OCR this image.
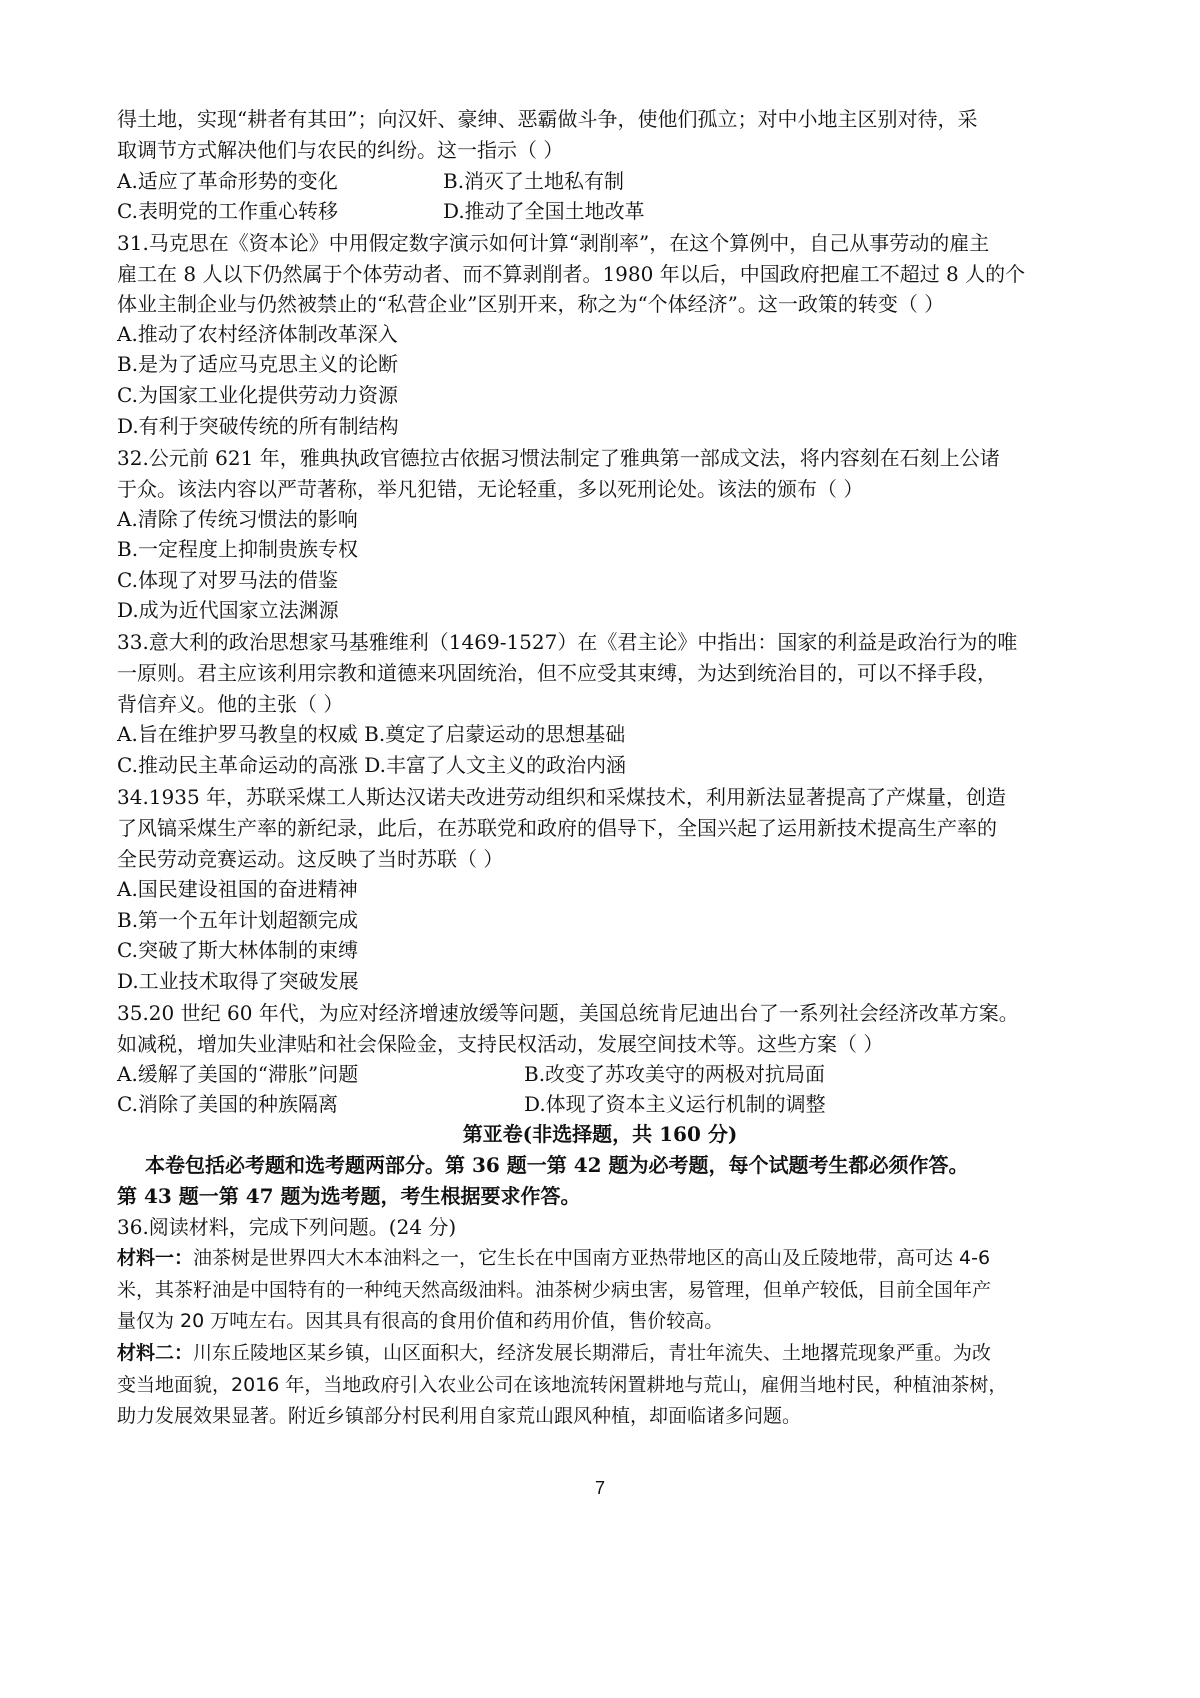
得土地，实现“耕者有其田”；向汉奸、豪绅、恶霸做斗争，使他们孤立；对中小地主区别对待，采
取调节方式解决他们与农民的纠纷。这一指示（ ）
A.适应了革命形势的变化	B.消灭了土地私有制
C.表明党的工作重心转移	D.推动了全国土地改革
31.马克思在《资本论》中用假定数字演示如何计算“剥削率”，在这个算例中，自己从事劳动的雇主
雇工在 8 人以下仍然属于个体劳动者、而不算剥削者。1980 年以后，中国政府把雇工不超过 8 人的个
体业主制企业与仍然被禁止的“私营企业”区别开来，称之为“个体经济”。这一政策的转变（ ）
A.推动了农村经济体制改革深入
B.是为了适应马克思主义的论断
C.为国家工业化提供劳动力资源
D.有利于突破传统的所有制结构
32.公元前 621 年，雅典执政官德拉古依据习惯法制定了雅典第一部成文法，将内容刻在石刻上公诸
于众。该法内容以严苛著称，举凡犯错，无论轻重，多以死刑论处。该法的颁布（ ）
A.清除了传统习惯法的影响
B.一定程度上抑制贵族专权
C.体现了对罗马法的借鉴
D.成为近代国家立法渊源
33.意大利的政治思想家马基雅维利（1469-1527）在《君主论》中指出：国家的利益是政治行为的唯
一原则。君主应该利用宗教和道德来巩固统治，但不应受其束缚，为达到统治目的，可以不择手段，
背信弃义。他的主张（ ）
A.旨在维护罗马教皇的权威 B.奠定了启蒙运动的思想基础
C.推动民主革命运动的高涨 D.丰富了人文主义的政治内涵
34.1935 年，苏联采煤工人斯达汉诺夫改进劳动组织和采煤技术，利用新法显著提高了产煤量，创造
了风镐采煤生产率的新纪录，此后，在苏联党和政府的倡导下，全国兴起了运用新技术提高生产率的
全民劳动竞赛运动。这反映了当时苏联（ ）
A.国民建设祖国的奋进精神
B.第一个五年计划超额完成
C.突破了斯大林体制的束缚
D.工业技术取得了突破发展
35.20 世纪 60 年代，为应对经济增速放缓等问题，美国总统肯尼迪出台了一系列社会经济改革方案。
如减税，增加失业津贴和社会保险金，支持民权活动，发展空间技术等。这些方案（ ）
A.缓解了美国的“滞胀”问题	B.改变了苏攻美守的两极对抗局面
C.消除了美国的种族隔离	D.体现了资本主义运行机制的调整
第亚卷(非选择题，共 160 分)
本卷包括必考题和选考题两部分。第 36 题一第 42 题为必考题，每个试题考生都必须作答。
第 43 题一第 47 题为选考题，考生根据要求作答。
36.阅读材料，完成下列问题。(24 分)
材料一：油茶树是世界四大木本油料之一，它生长在中国南方亚热带地区的高山及丘陵地带，高可达 4-6
米，其茶籽油是中国特有的一种纯天然高级油料。油茶树少病虫害，易管理，但单产较低，目前全国年产
量仅为 20 万吨左右。因其具有很高的食用价值和药用价值，售价较高。
材料二：川东丘陵地区某乡镇，山区面积大，经济发展长期滞后，青壮年流失、土地撂荒现象严重。为改
变当地面貌，2016 年，当地政府引入农业公司在该地流转闲置耕地与荒山，雇佣当地村民，种植油茶树，
助力发展效果显著。附近乡镇部分村民利用自家荒山跟风种植，却面临诸多问题。
7
